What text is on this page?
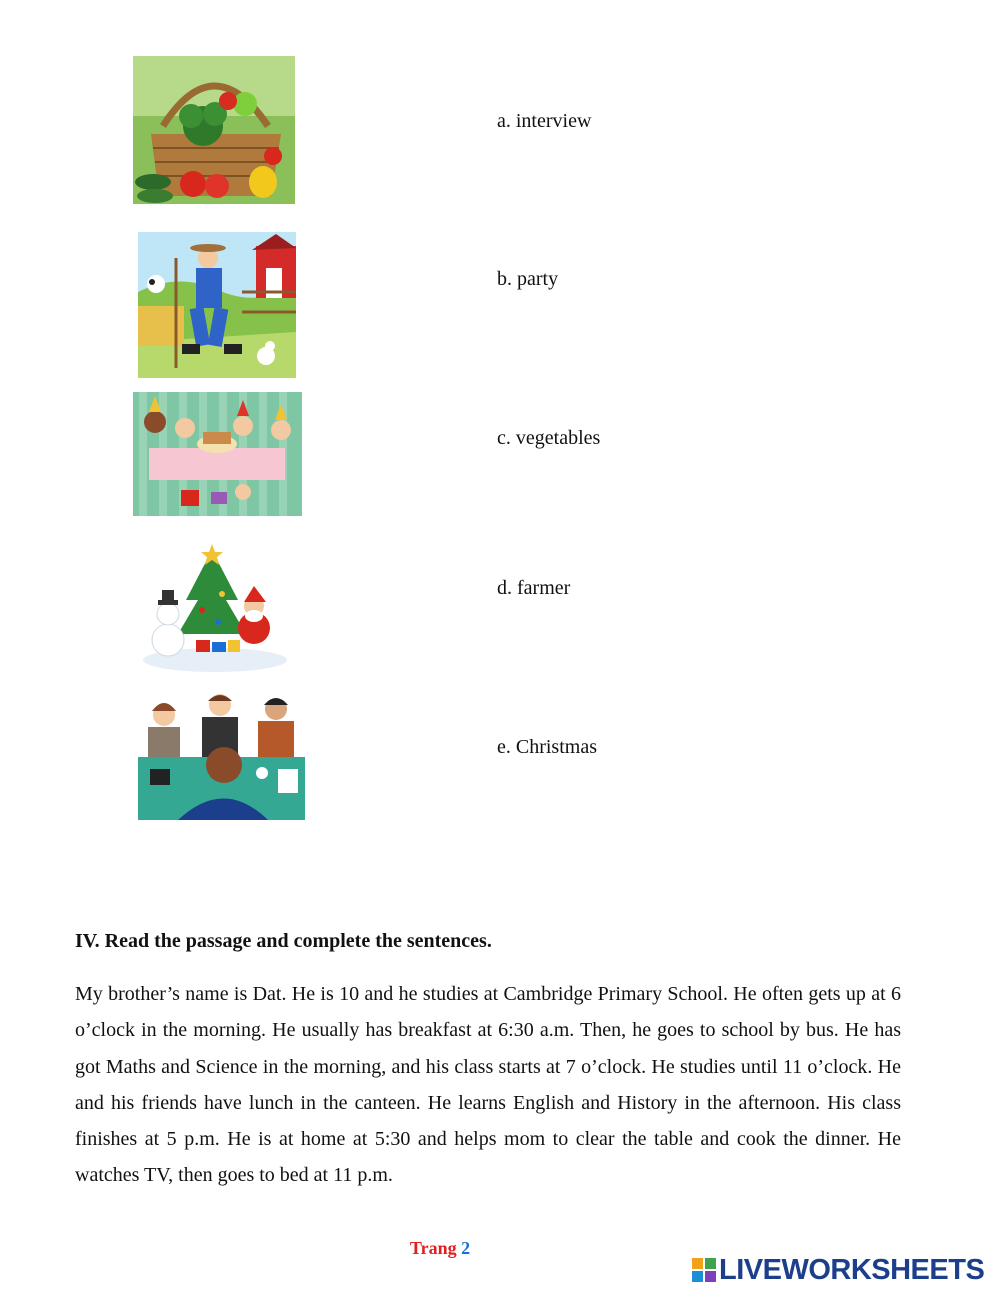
a. interview
b. party
c. vegetables
d. farmer
e. Christmas
IV. Read the passage and complete the sentences.

My brother’s name is Dat. He is 10 and he studies at Cambridge Primary School. He often gets up at 6 o’clock in the morning. He usually has breakfast at 6:30 a.m. Then, he goes to school by bus. He has got Maths and Science in the morning, and his class starts at 7 o’clock. He studies until 11 o’clock. He and his friends have lunch in the canteen. He learns English and History in the afternoon. His class finishes at 5 p.m. He is at home at 5:30 and helps mom to clear the table and cook the dinner. He watches TV, then goes to bed at 11 p.m.

Trang 2
LIVEWORKSHEETS
